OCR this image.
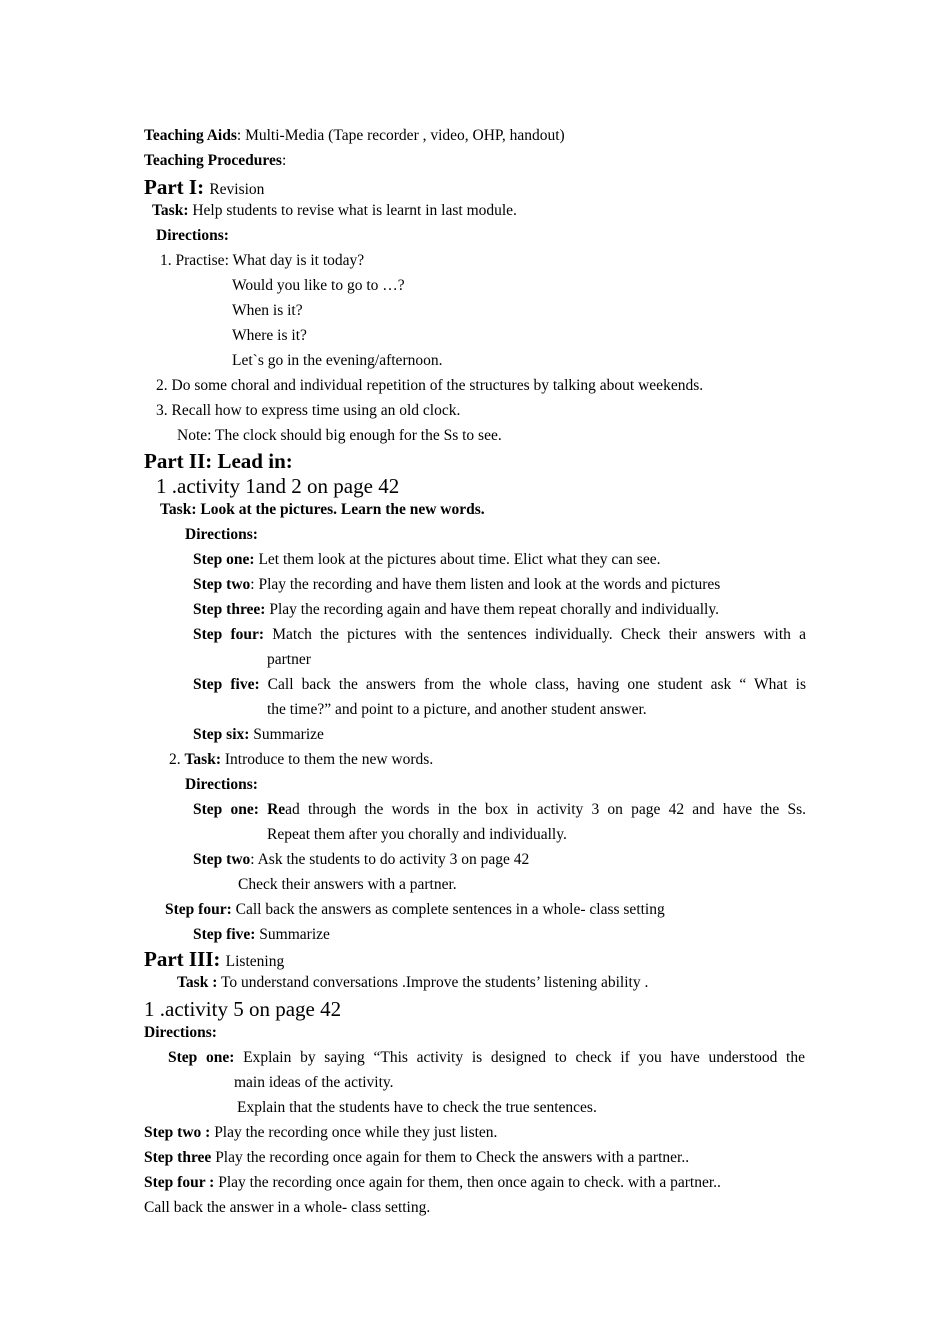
Teaching Aids: Multi-Media (Tape recorder , video, OHP, handout)
Teaching Procedures:
Part I: Revision
Task: Help students to revise what is learnt in last module.
Directions:
1. Practise: What day is it today?
Would you like to go to …?
When is it?
Where is it?
Let`s go in the evening/afternoon.
2. Do some choral and individual repetition of the structures by talking about weekends.
3. Recall how to express time using an old clock.
Note: The clock should big enough for the Ss to see.
Part II: Lead in:
1 .activity 1and 2 on page 42
Task: Look at the pictures. Learn the new words.
Directions:
Step one: Let them look at the pictures about time. Elict what they can see.
Step two: Play the recording and have them listen and look at the words and pictures
Step three: Play the recording again and have them repeat chorally and individually.
Step four: Match the pictures with the sentences individually. Check their answers with a
partner
Step five: Call back the answers from the whole class, having one student ask “ What is
the time?” and point to a picture, and another student answer.
Step six: Summarize
2. Task: Introduce to them the new words.
Directions:
Step one: Read through the words in the box in activity 3 on page 42 and have the Ss.
Repeat them after you chorally and individually.
Step two: Ask the students to do activity 3 on page 42
Check their answers with a partner.
Step four: Call back the answers as complete sentences in a whole- class setting
Step five: Summarize
Part III: Listening
Task : To understand conversations .Improve the students’ listening ability .
1 .activity 5 on page 42
Directions:
Step one: Explain by saying “This activity is designed to check if you have understood the
main ideas of the activity.
Explain that the students have to check the true sentences.
Step two : Play the recording once while they just listen.
Step three Play the recording once again for them to Check the answers with a partner..
Step four : Play the recording once again for them, then once again to check. with a partner..
Call back the answer in a whole- class setting.
